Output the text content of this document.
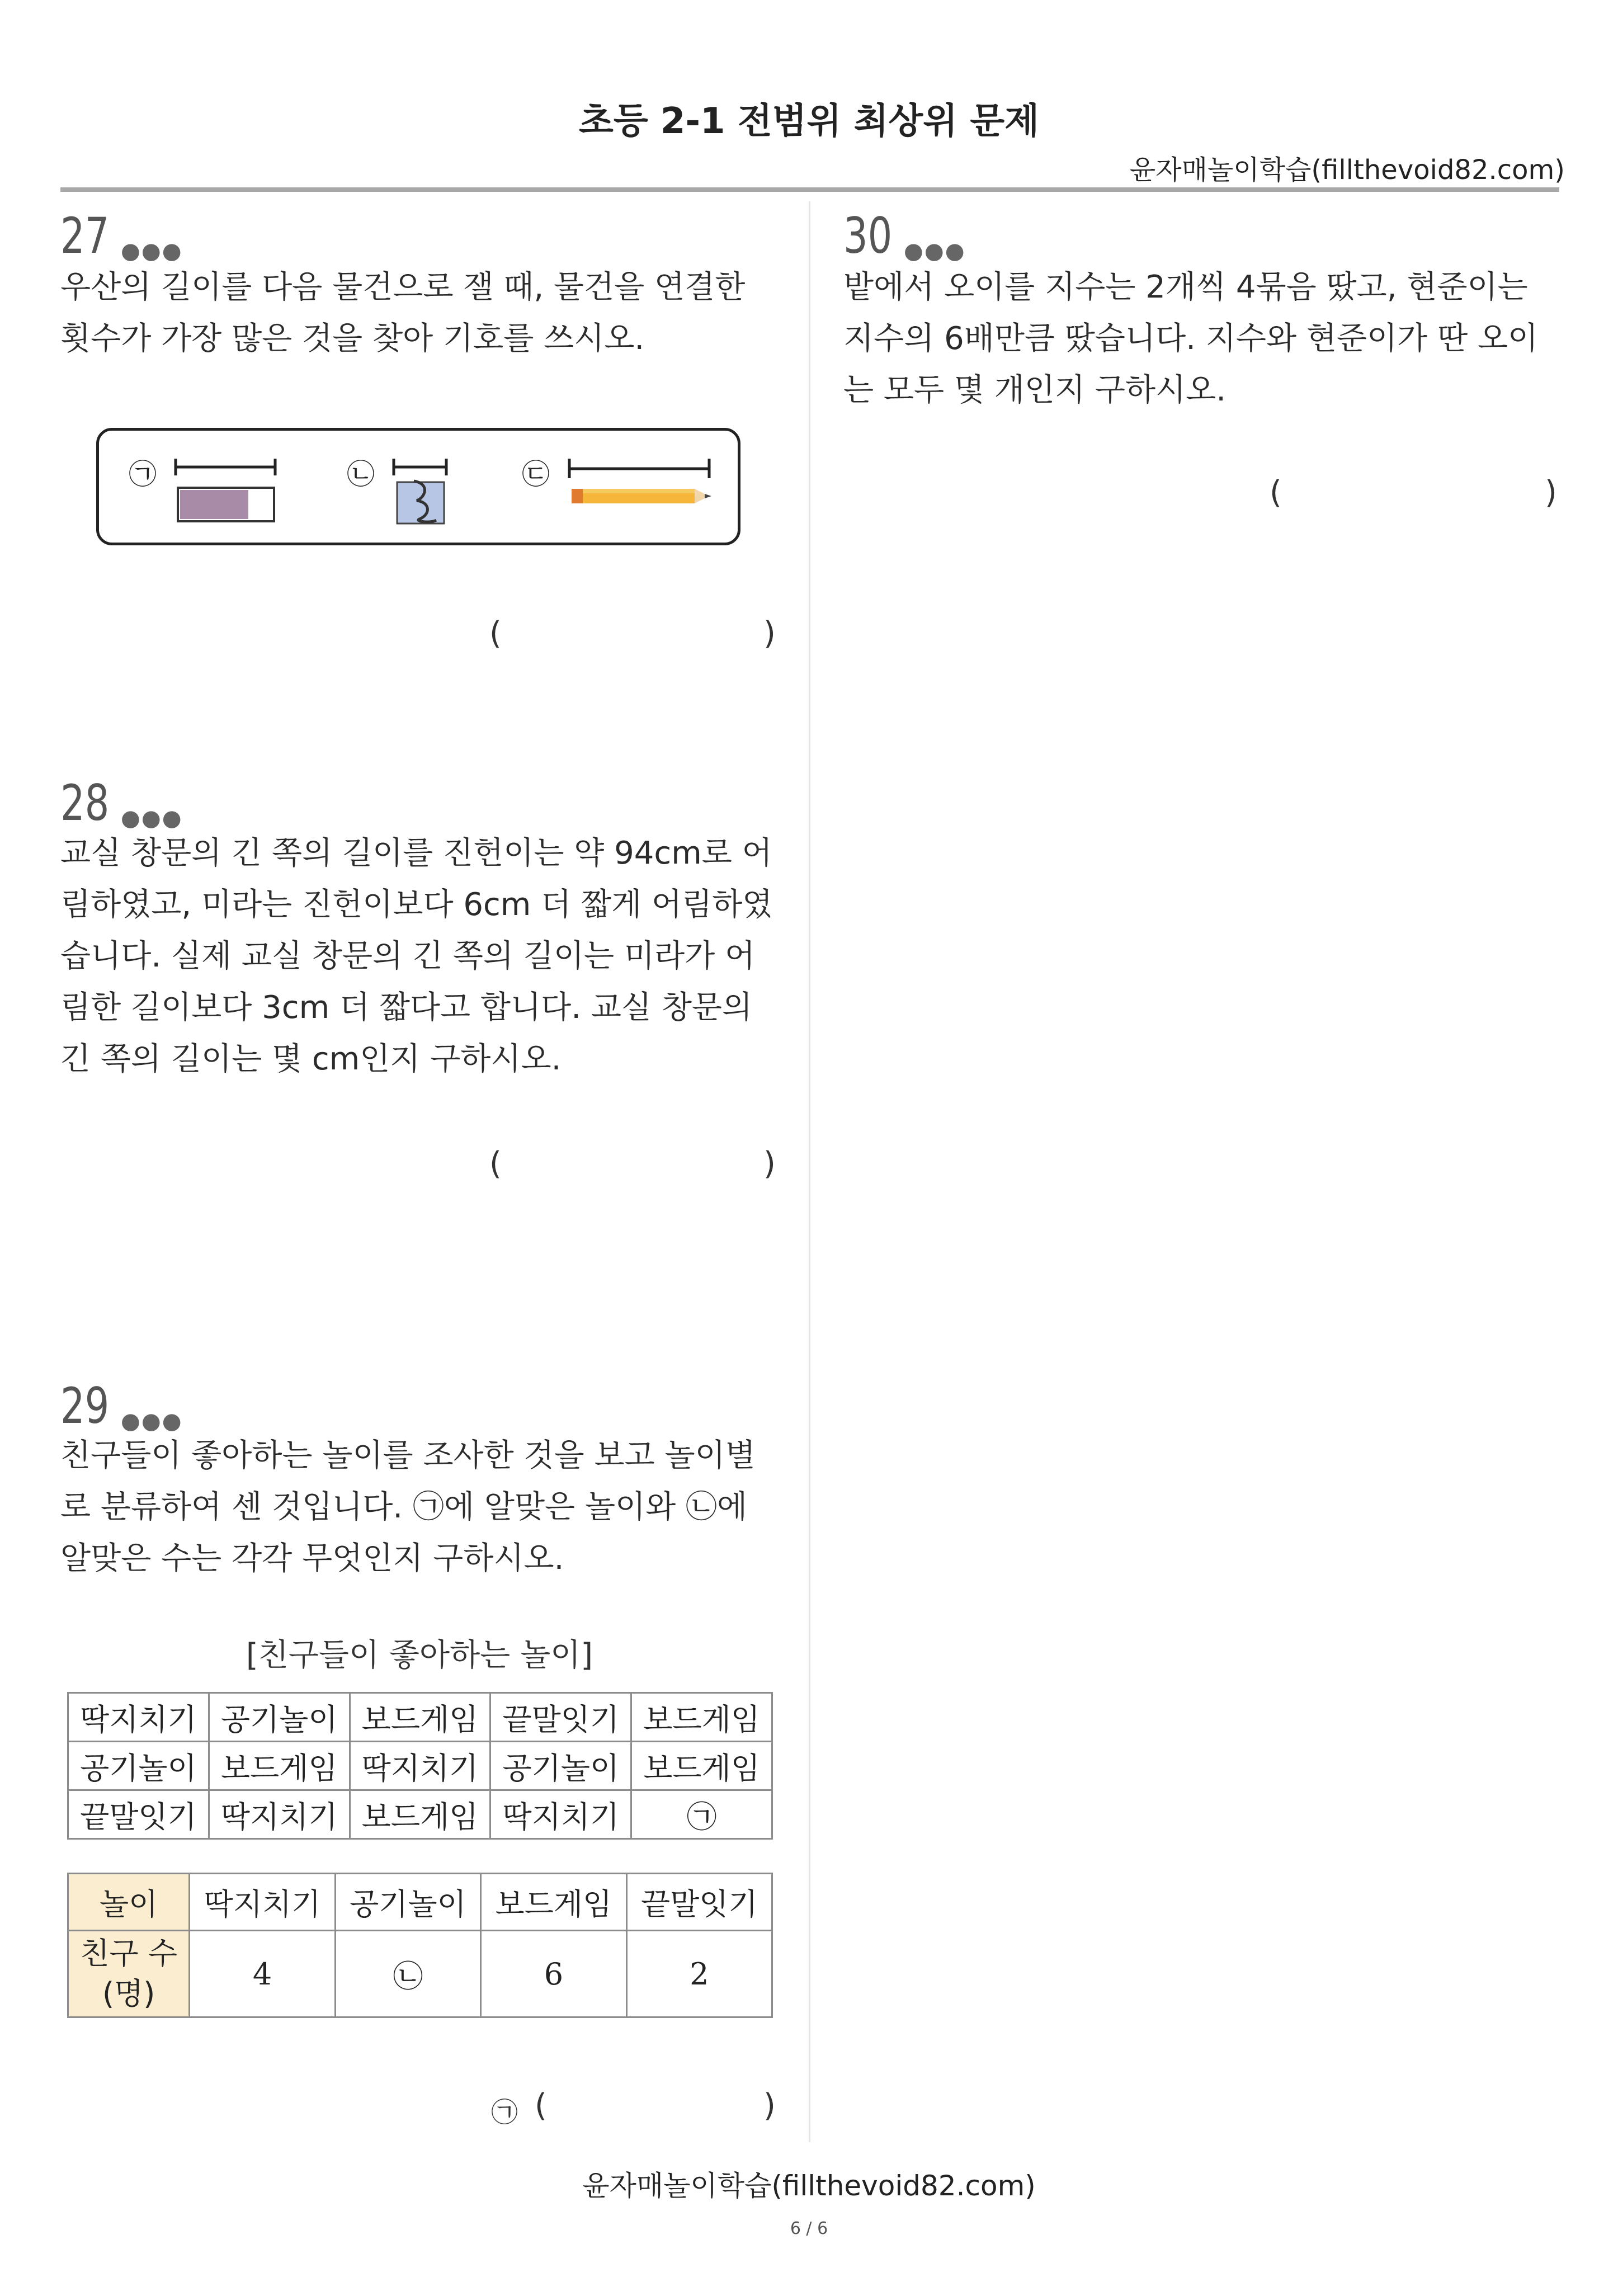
초등 2-1 전범위 최상위 문제
윤자매놀이학습(fillthevoid82.com)
27 ●●●
우산의 길이를 다음 물건으로 잴 때, 물건을 연결한
횟수가 가장 많은 것을 찾아 기호를 쓰시오.
㉠	㉡	㉢
(	)
28 ●●●
교실 창문의 긴 쪽의 길이를 진헌이는 약 94cm로 어
림하였고, 미라는 진헌이보다 6cm 더 짧게 어림하였
습니다. 실제 교실 창문의 긴 쪽의 길이는 미라가 어
림한 길이보다 3cm 더 짧다고 합니다. 교실 창문의
긴 쪽의 길이는 몇 cm인지 구하시오.
(	)
29 ●●●
친구들이 좋아하는 놀이를 조사한 것을 보고 놀이별
로 분류하여 센 것입니다. ㉠에 알맞은 놀이와 ㉡에
알맞은 수는 각각 무엇인지 구하시오.
[친구들이 좋아하는 놀이]
딱지치기	공기놀이	보드게임	끝말잇기	보드게임
공기놀이	보드게임	딱지치기	공기놀이	보드게임
끝말잇기	딱지치기	보드게임	딱지치기	㉠
놀이	딱지치기	공기놀이	보드게임	끝말잇기

친구 수
(명)	4	㉡	6	2
㉠ (	)
30 ●●●
밭에서 오이를 지수는 2개씩 4묶음 땄고, 현준이는
지수의 6배만큼 땄습니다. 지수와 현준이가 딴 오이
는 모두 몇 개인지 구하시오.
(	)
윤자매놀이학습(fillthevoid82.com)
6 / 6
